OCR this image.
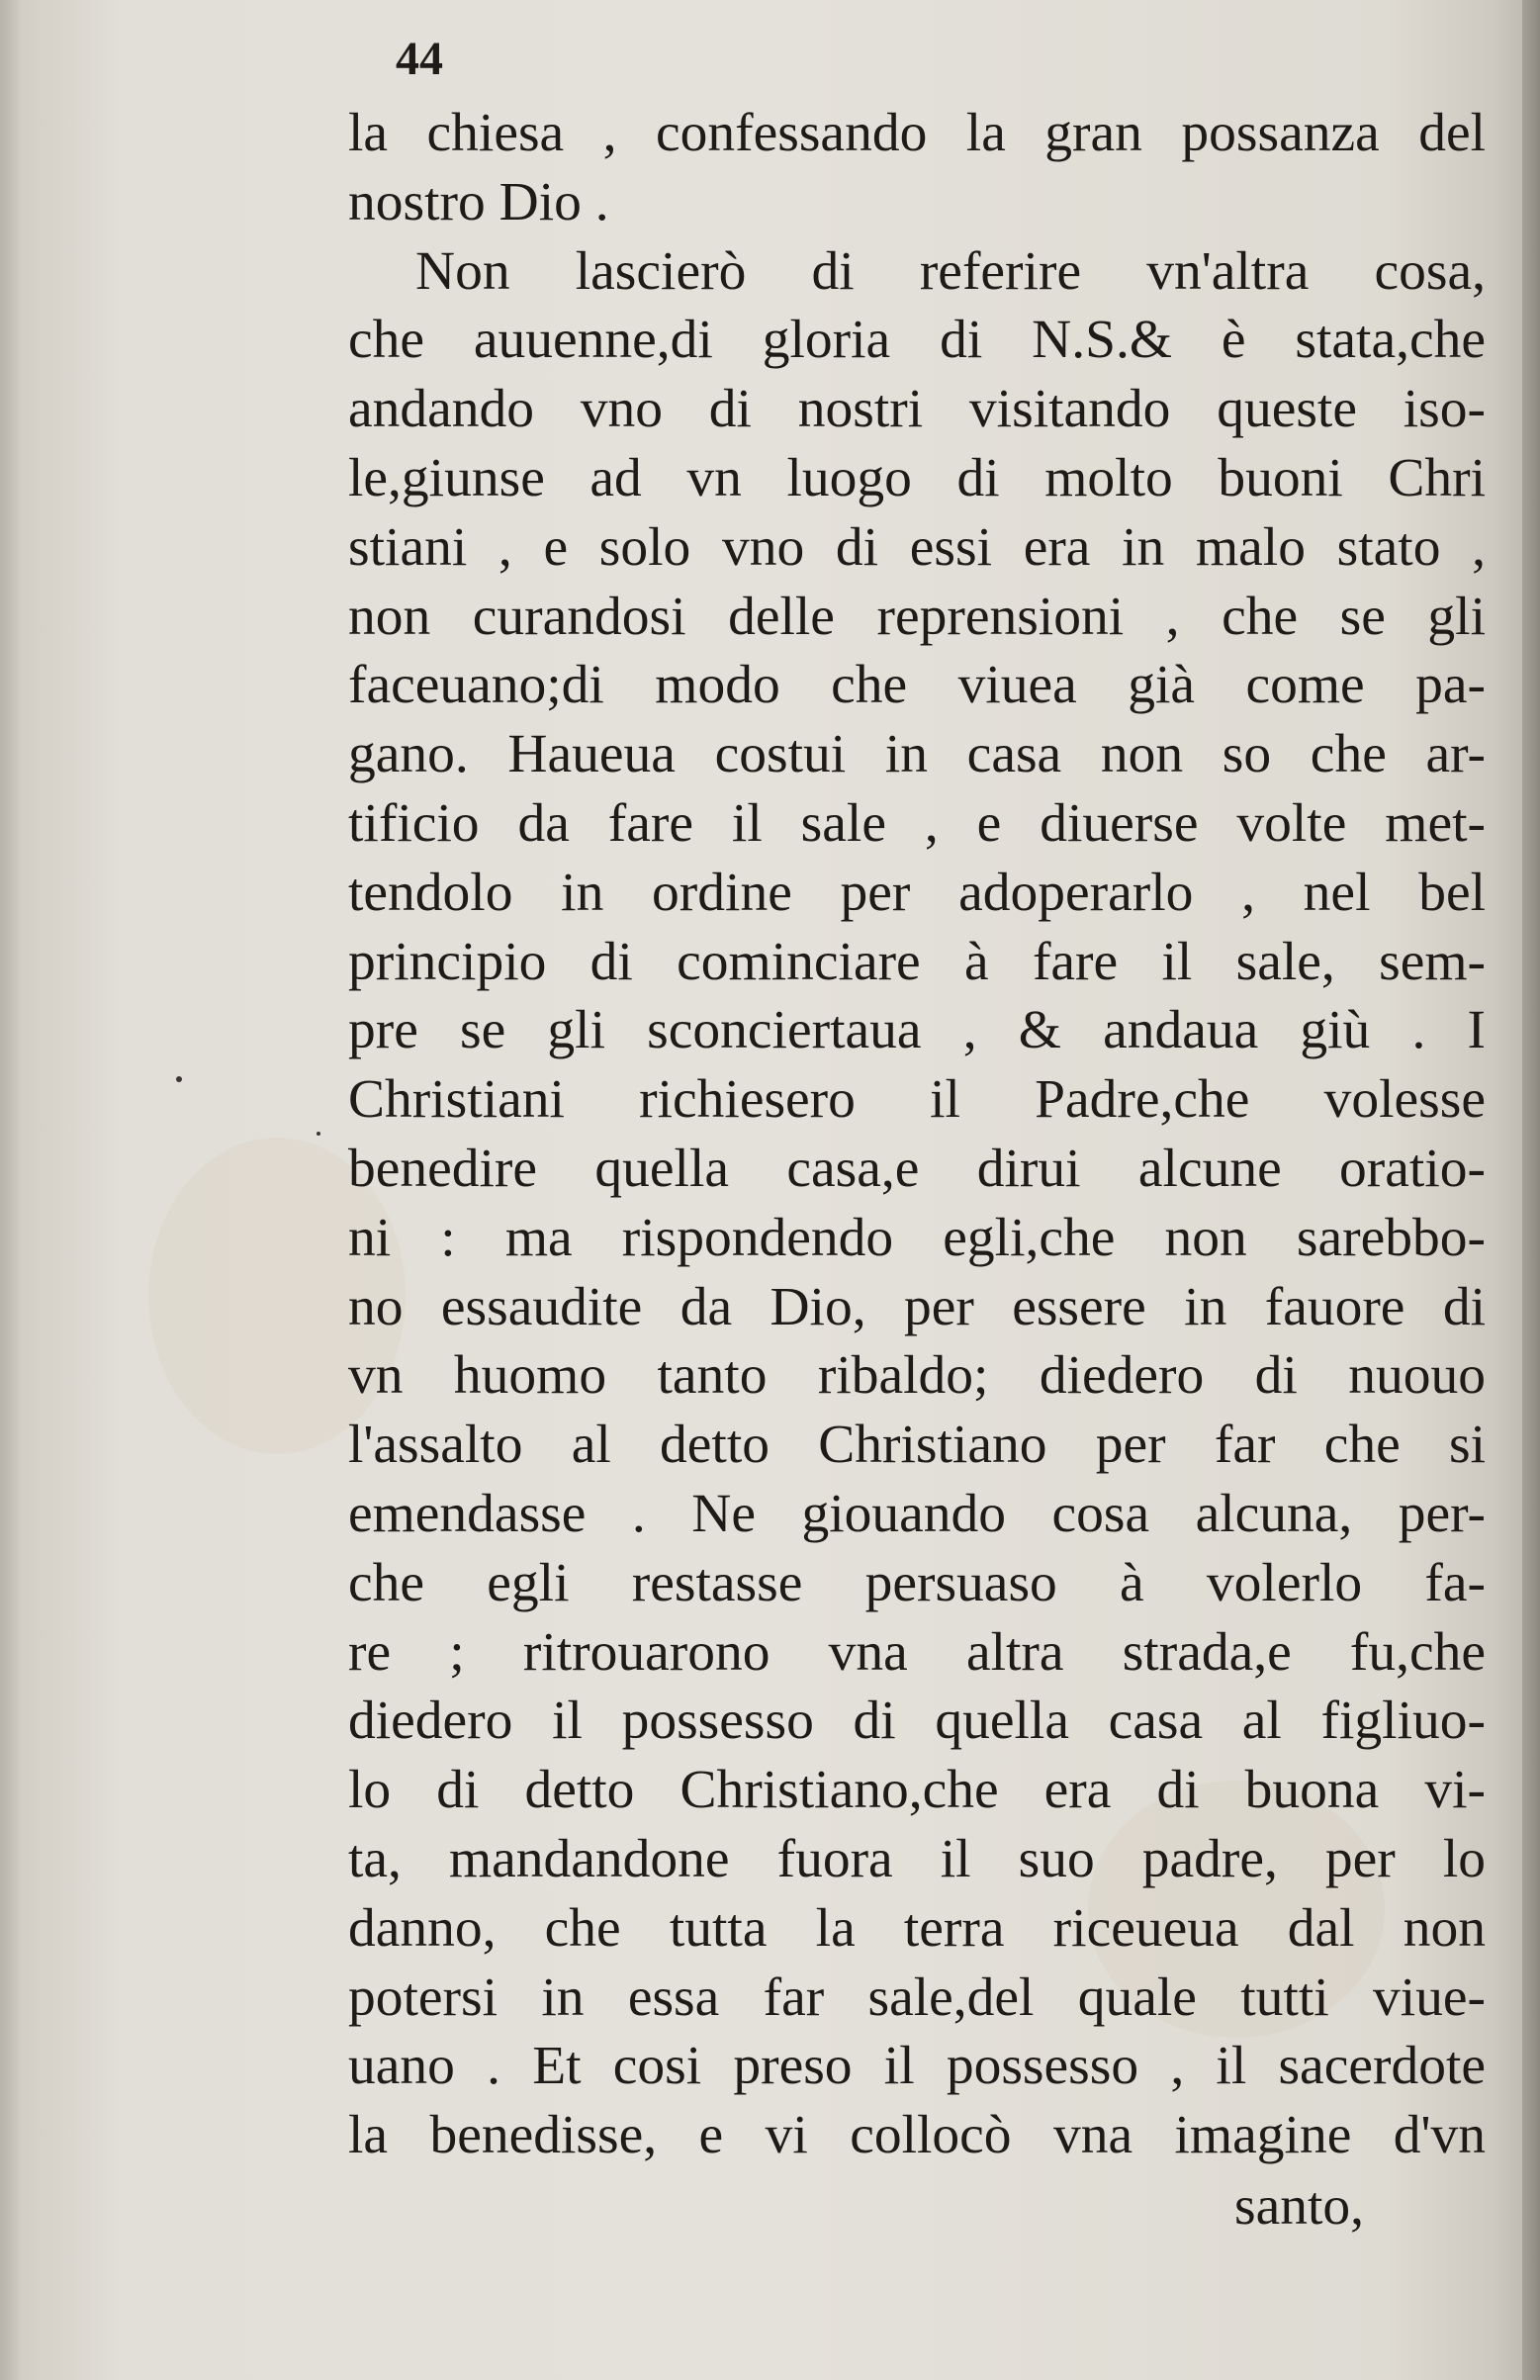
44
la chiesa , confessando la gran possanza del
nostro Dio .
Non lascierò di referire vn'altra cosa,
che auuenne,di gloria di N.S.& è stata,che
andando vno di nostri visitando queste iso-
le,giunse ad vn luogo di molto buoni Chri
stiani , e solo vno di essi era in malo stato ,
non curandosi delle reprensioni , che se gli
faceuano;di modo che viuea già come pa-
gano. Haueua costui in casa non so che ar-
tificio da fare il sale , e diuerse volte met-
tendolo in ordine per adoperarlo , nel bel
principio di cominciare à fare il sale, sem-
pre se gli sconciertaua , & andaua giù . I
Christiani richiesero il Padre,che volesse
benedire quella casa,e dirui alcune oratio-
ni : ma rispondendo egli,che non sarebbo-
no essaudite da Dio, per essere in fauore di
vn huomo tanto ribaldo; diedero di nuouo
l'assalto al detto Christiano per far che si
emendasse . Ne giouando cosa alcuna, per-
che egli restasse persuaso à volerlo fa-
re ; ritrouarono vna altra strada,e fu,che
diedero il possesso di quella casa al figliuo-
lo di detto Christiano,che era di buona vi-
ta, mandandone fuora il suo padre, per lo
danno, che tutta la terra riceueua dal non
potersi in essa far sale,del quale tutti viue-
uano . Et cosi preso il possesso , il sacerdote
la benedisse, e vi collocò vna imagine d'vn
santo,
